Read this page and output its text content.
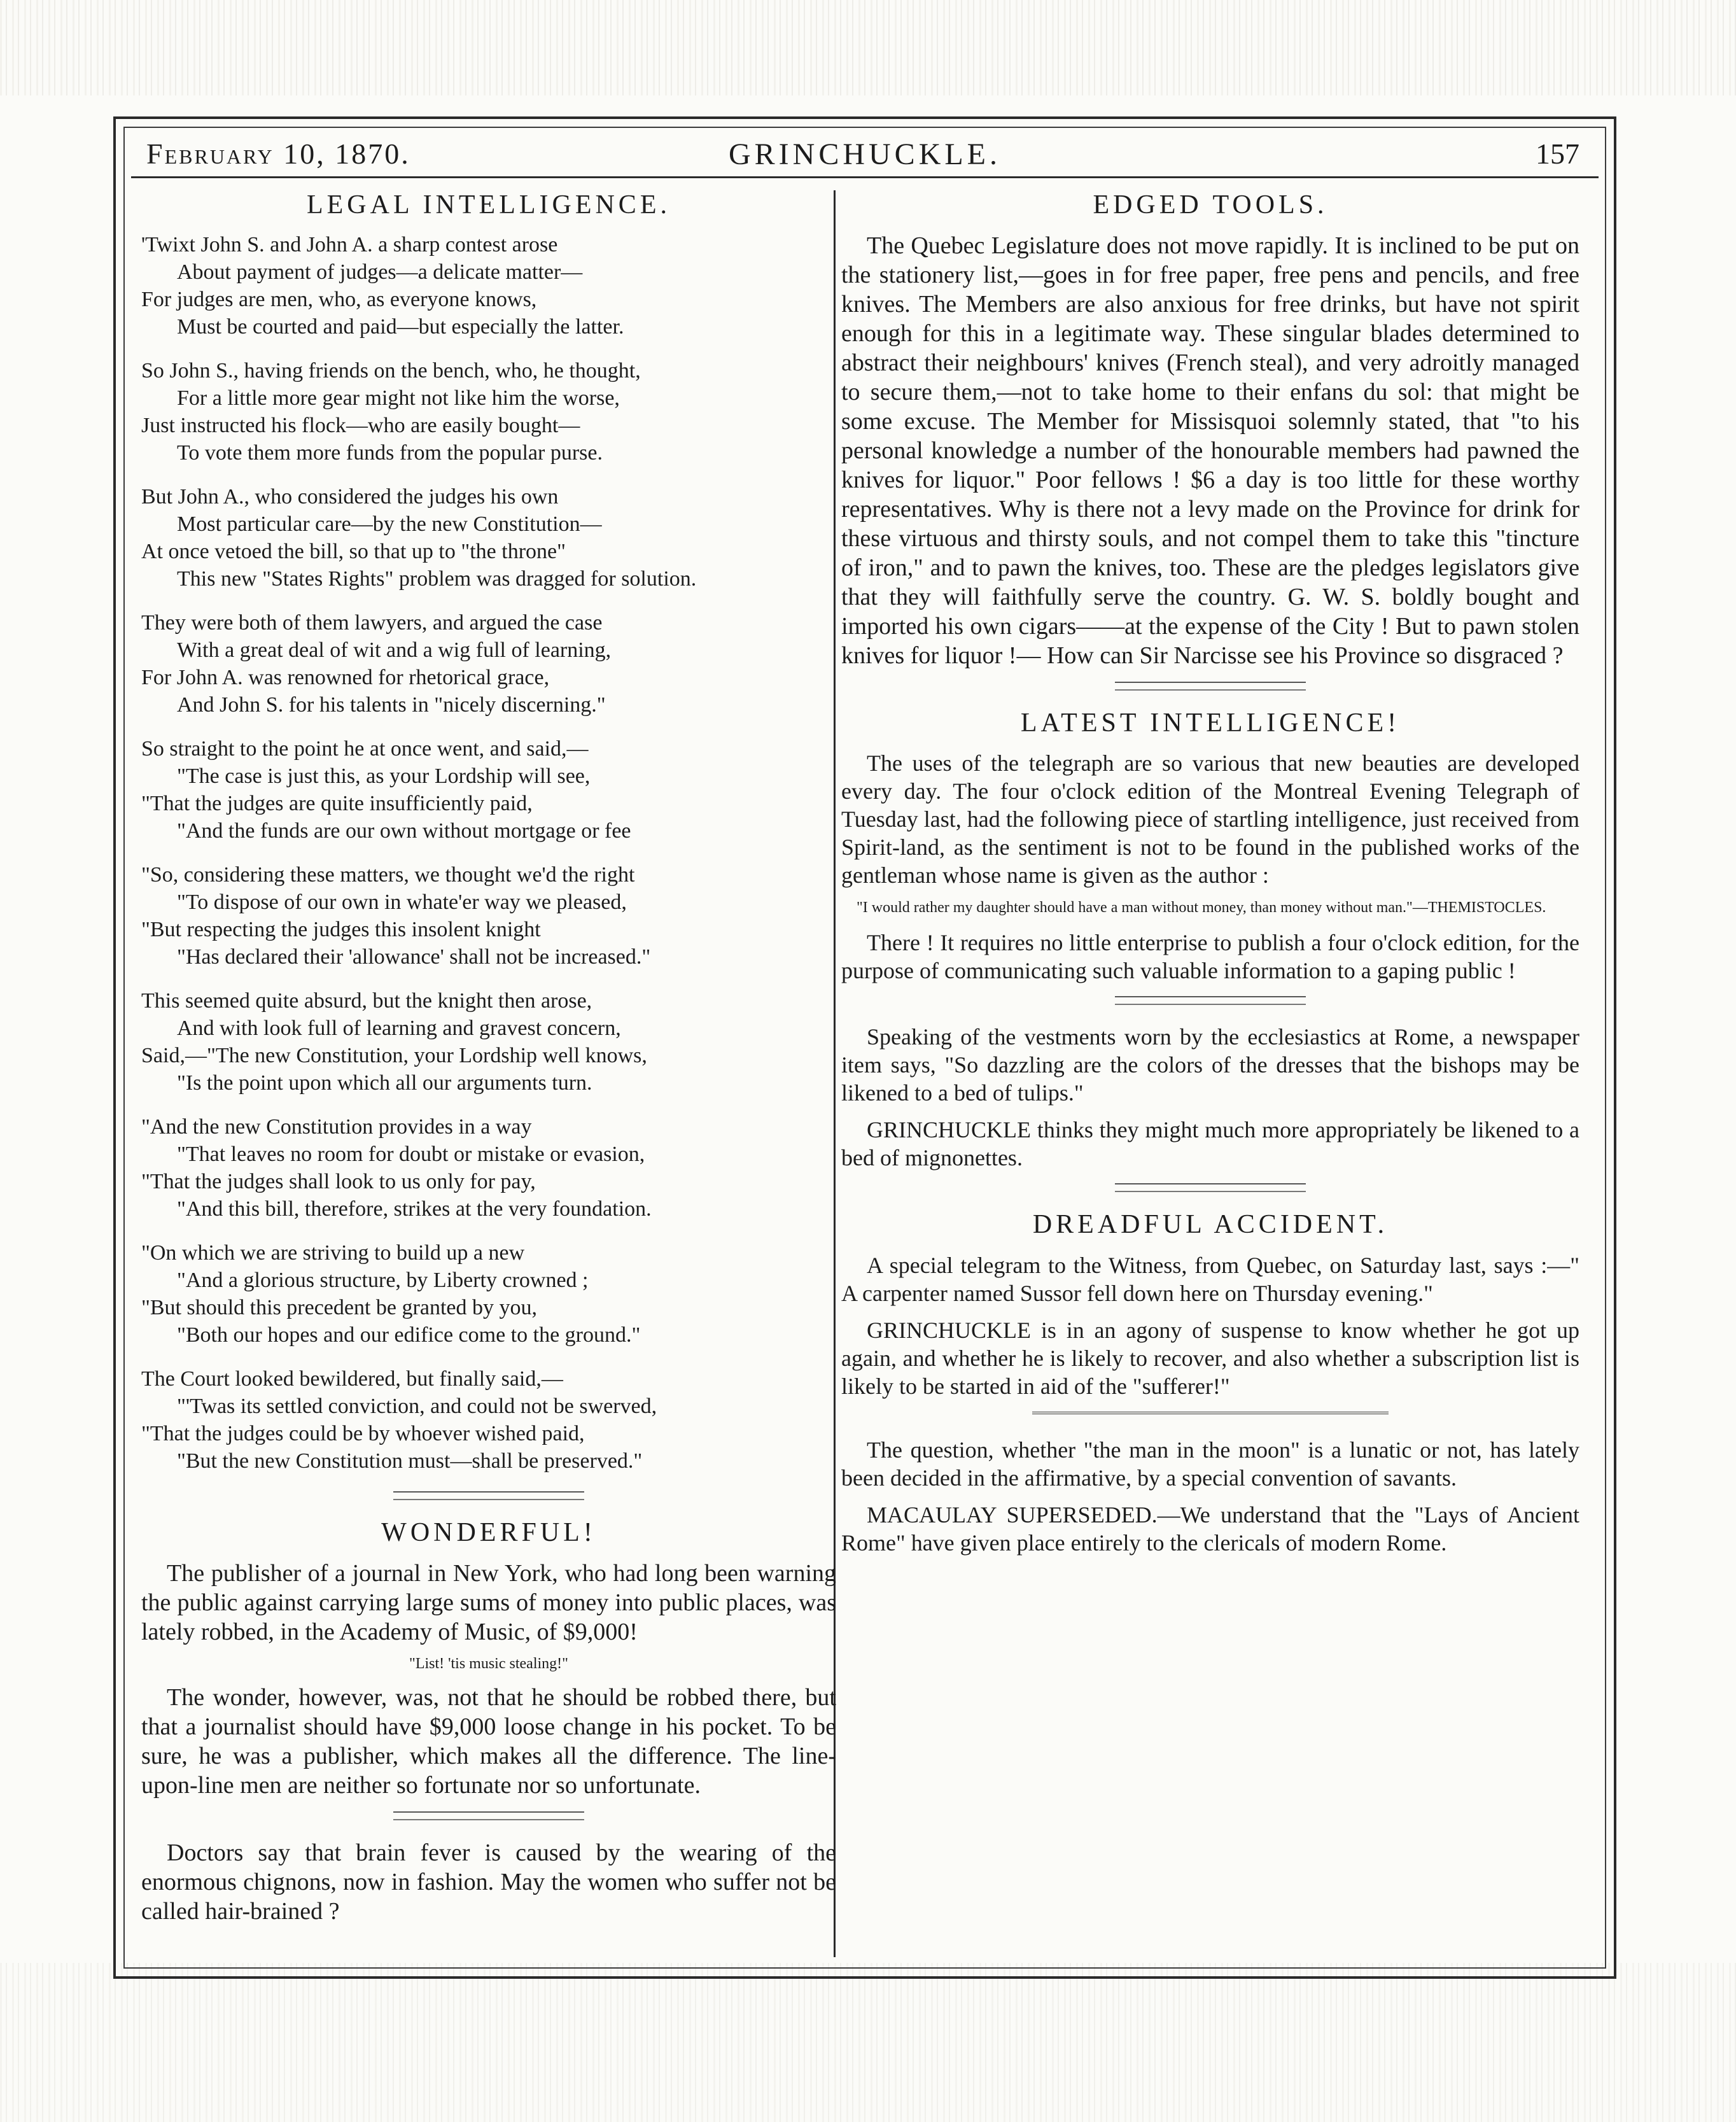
February 10, 1870.	GRINCHUCKLE.	157
LEGAL INTELLIGENCE.
'Twixt John S. and John A. a sharp contest arose
About payment of judges—a delicate matter—
For judges are men, who, as everyone knows,
Must be courted and paid—but especially the latter.
So John S., having friends on the bench, who, he thought,
For a little more gear might not like him the worse,
Just instructed his flock—who are easily bought—
To vote them more funds from the popular purse.
But John A., who considered the judges his own
Most particular care—by the new Constitution—
At once vetoed the bill, so that up to "the throne"
This new "States Rights" problem was dragged for solution.
They were both of them lawyers, and argued the case
With a great deal of wit and a wig full of learning,
For John A. was renowned for rhetorical grace,
And John S. for his talents in "nicely discerning."
So straight to the point he at once went, and said,—
"The case is just this, as your Lordship will see,
"That the judges are quite insufficiently paid,
"And the funds are our own without mortgage or fee
"So, considering these matters, we thought we'd the right
"To dispose of our own in whate'er way we pleased,
"But respecting the judges this insolent knight
"Has declared their 'allowance' shall not be increased."
This seemed quite absurd, but the knight then arose,
And with look full of learning and gravest concern,
Said,—"The new Constitution, your Lordship well knows,
"Is the point upon which all our arguments turn.
"And the new Constitution provides in a way
"That leaves no room for doubt or mistake or evasion,
"That the judges shall look to us only for pay,
"And this bill, therefore, strikes at the very foundation.
"On which we are striving to build up a new
"And a glorious structure, by Liberty crowned ;
"But should this precedent be granted by you,
"Both our hopes and our edifice come to the ground."
The Court looked bewildered, but finally said,—
"'Twas its settled conviction, and could not be swerved,
"That the judges could be by whoever wished paid,
"But the new Constitution must—shall be preserved."
WONDERFUL!

The publisher of a journal in New York, who had long been warning the public against carrying large sums of money into public places, was lately robbed, in the Academy of Music, of $9,000!

"List! 'tis music stealing!"

The wonder, however, was, not that he should be robbed there, but that a journalist should have $9,000 loose change in his pocket. To be sure, he was a publisher, which makes all the difference. The line-upon-line men are neither so fortunate nor so unfortunate.

Doctors say that brain fever is caused by the wearing of the enormous chignons, now in fashion. May the women who suffer not be called hair-brained ?

EDGED TOOLS.

The Quebec Legislature does not move rapidly. It is inclined to be put on the stationery list,—goes in for free paper, free pens and pencils, and free knives. The Members are also anxious for free drinks, but have not spirit enough for this in a legitimate way. These singular blades determined to abstract their neighbours' knives (French steal), and very adroitly managed to secure them,—not to take home to their enfans du sol: that might be some excuse. The Member for Missisquoi solemnly stated, that "to his personal knowledge a number of the honourable members had pawned the knives for liquor." Poor fellows ! $6 a day is too little for these worthy representatives. Why is there not a levy made on the Province for drink for these virtuous and thirsty souls, and not compel them to take this "tincture of iron," and to pawn the knives, too. These are the pledges legislators give that they will faithfully serve the country. G. W. S. boldly bought and imported his own cigars——at the expense of the City ! But to pawn stolen knives for liquor !— How can Sir Narcisse see his Province so disgraced ?

LATEST INTELLIGENCE!

The uses of the telegraph are so various that new beauties are developed every day. The four o'clock edition of the Montreal Evening Telegraph of Tuesday last, had the following piece of startling intelligence, just received from Spirit-land, as the sentiment is not to be found in the published works of the gentleman whose name is given as the author :

"I would rather my daughter should have a man without money, than money without man."—THEMISTOCLES.

There ! It requires no little enterprise to publish a four o'clock edition, for the purpose of communicating such valuable information to a gaping public !

Speaking of the vestments worn by the ecclesiastics at Rome, a newspaper item says, "So dazzling are the colors of the dresses that the bishops may be likened to a bed of tulips."

GRINCHUCKLE thinks they might much more appropriately be likened to a bed of mignonettes.

DREADFUL ACCIDENT.

A special telegram to the Witness, from Quebec, on Saturday last, says :—" A carpenter named Sussor fell down here on Thursday evening."

GRINCHUCKLE is in an agony of suspense to know whether he got up again, and whether he is likely to recover, and also whether a subscription list is likely to be started in aid of the "sufferer!"

The question, whether "the man in the moon" is a lunatic or not, has lately been decided in the affirmative, by a special convention of savants.

MACAULAY SUPERSEDED.—We understand that the "Lays of Ancient Rome" have given place entirely to the clericals of modern Rome.
